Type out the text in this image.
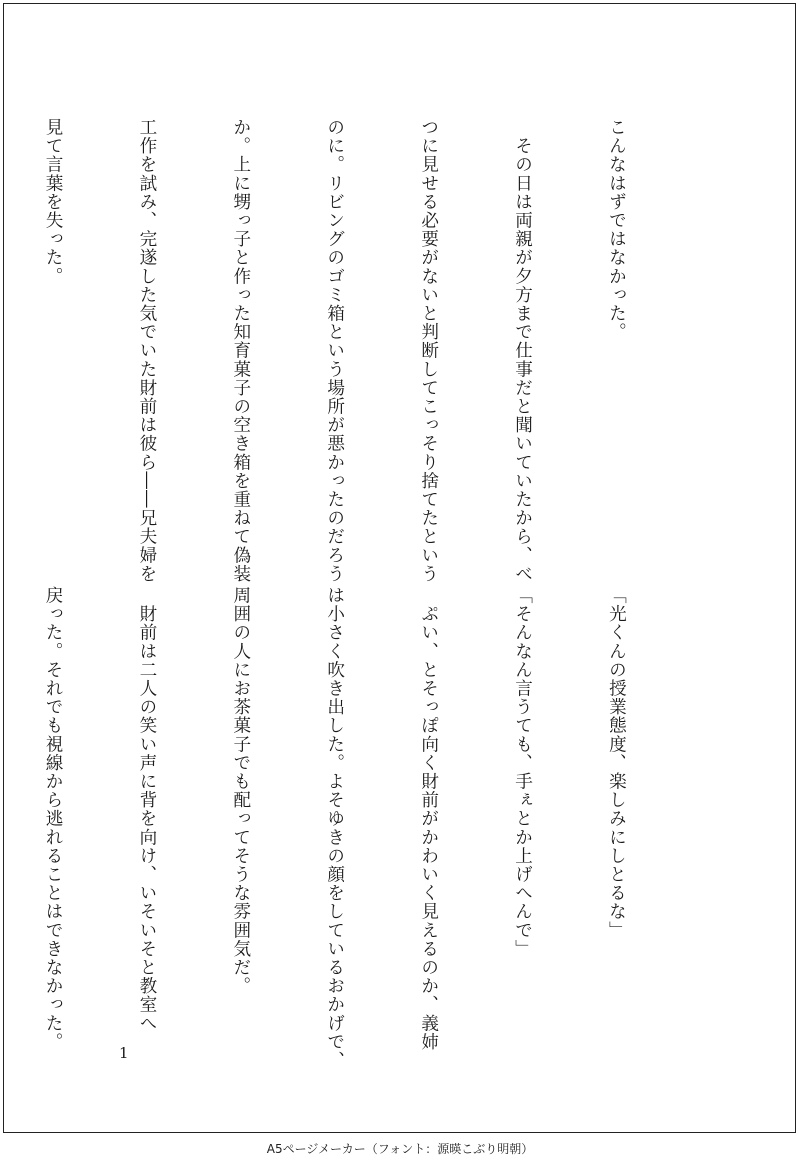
こんなはずではなかった。

　その日は両親が夕方まで仕事だと聞いていたから、べ

つに見せる必要がないと判断してこっそり捨てたという

のに。リビングのゴミ箱という場所が悪かったのだろう

か。上に甥っ子と作った知育菓子の空き箱を重ねて偽装

工作を試み、完遂した気でいた財前は彼ら――兄夫婦を

見て言葉を失った。

「光くんの授業態度、楽しみにしとるな」

「そんなん言うても、手ぇとか上げへんで」

　ぷい、とそっぽ向く財前がかわいく見えるのか、義姉

は小さく吹き出した。よそゆきの顔をしているおかげで、

周囲の人にお茶菓子でも配ってそうな雰囲気だ。

　財前は二人の笑い声に背を向け、いそいそと教室へ

戻った。それでも視線から逃れることはできなかった。

1
A5ページメーカー（フォント：源暎こぶり明朝）
